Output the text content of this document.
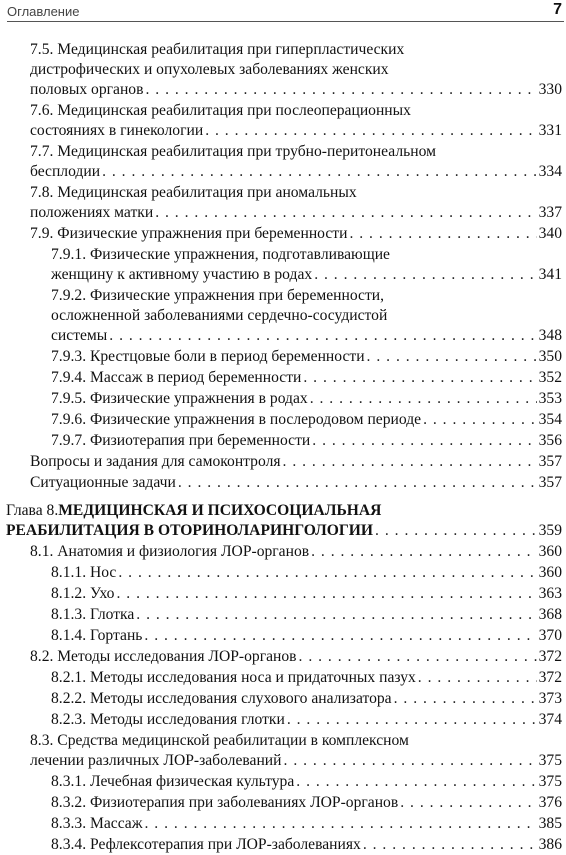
Оглавление	7
7.5. Медицинская реабилитация при гиперпластических
дистрофических и опухолевых заболеваниях женских
половых органов . . .	330
7.6. Медицинская реабилитация при послеоперационных
состояниях в гинекологии . . .	331
7.7. Медицинская реабилитация при трубно-перитонеальном
бесплодии . . .	334
7.8. Медицинская реабилитация при аномальных
положениях матки . . .	337
7.9. Физические упражнения при беременности . . .	340
7.9.1. Физические упражнения, подготавливающие
женщину к активному участию в родах . . .	341
7.9.2. Физические упражнения при беременности,
осложненной заболеваниями сердечно-сосудистой
системы . . .	348
7.9.3. Крестцовые боли в период беременности . . .	350
7.9.4. Массаж в период беременности . . .	352
7.9.5. Физические упражнения в родах . . .	353
7.9.6. Физические упражнения в послеродовом периоде . . .	354
7.9.7. Физиотерапия при беременности . . .	356
Вопросы и задания для самоконтроля . . .	357
Ситуационные задачи . . .	357
Глава 8. МЕДИЦИНСКАЯ И ПСИХОСОЦИАЛЬНАЯ
РЕАБИЛИТАЦИЯ В ОТОРИНОЛАРИНГОЛОГИИ . . .	359
8.1. Анатомия и физиология ЛОР-органов . . .	360
8.1.1. Нос . . .	360
8.1.2. Ухо . . .	363
8.1.3. Глотка . . .	368
8.1.4. Гортань . . .	370
8.2. Методы исследования ЛОР-органов . . .	372
8.2.1. Методы исследования носа и придаточных пазух . . .	372
8.2.2. Методы исследования слухового анализатора . . .	373
8.2.3. Методы исследования глотки . . .	374
8.3. Средства медицинской реабилитации в комплексном
лечении различных ЛОР-заболеваний . . .	375
8.3.1. Лечебная физическая культура . . .	375
8.3.2. Физиотерапия при заболеваниях ЛОР-органов . . .	376
8.3.3. Массаж . . .	385
8.3.4. Рефлексотерапия при ЛОР-заболеваниях . . .	386
